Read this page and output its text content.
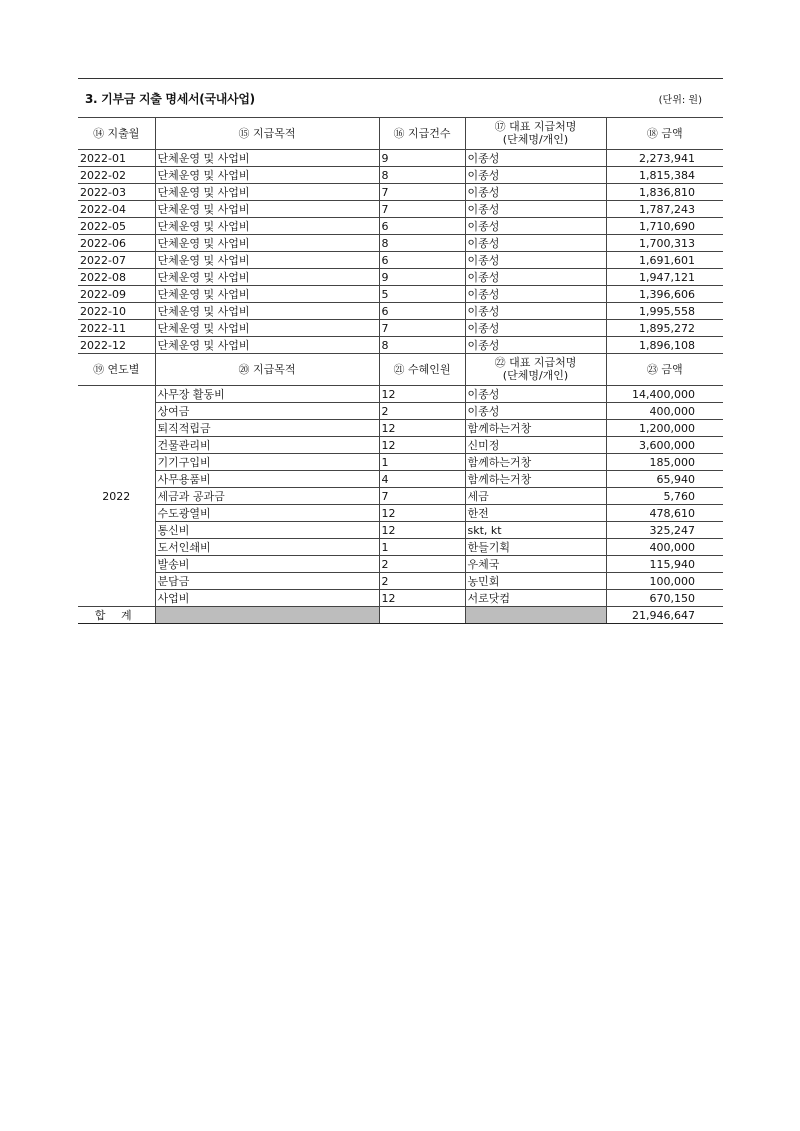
3. 기부금 지출 명세서(국내사업)	(단위: 원)
⑭ 지출월	⑮ 지급목적	⑯ 지급건수	⑰ 대표 지급처명
(단체명/개인)	⑱ 금액
2022-01	단체운영 및 사업비	9	이종성	2,273,941
2022-02	단체운영 및 사업비	8	이종성	1,815,384
2022-03	단체운영 및 사업비	7	이종성	1,836,810
2022-04	단체운영 및 사업비	7	이종성	1,787,243
2022-05	단체운영 및 사업비	6	이종성	1,710,690
2022-06	단체운영 및 사업비	8	이종성	1,700,313
2022-07	단체운영 및 사업비	6	이종성	1,691,601
2022-08	단체운영 및 사업비	9	이종성	1,947,121
2022-09	단체운영 및 사업비	5	이종성	1,396,606
2022-10	단체운영 및 사업비	6	이종성	1,995,558
2022-11	단체운영 및 사업비	7	이종성	1,895,272
2022-12	단체운영 및 사업비	8	이종성	1,896,108
⑲ 연도별	⑳ 지급목적	㉑ 수혜인원	㉒ 대표 지급처명
(단체명/개인)	㉓ 금액
2022	사무장 활동비	12	이종성	14,400,000
	상여금	2	이종성	400,000
	퇴직적립금	12	함께하는거창	1,200,000
	건물관리비	12	신미정	3,600,000
	기기구입비	1	함께하는거창	185,000
	사무용품비	4	함께하는거창	65,940
	세금과 공과금	7	세금	5,760
	수도광열비	12	한전	478,610
	통신비	12	skt, kt	325,247
	도서인쇄비	1	한들기획	400,000
	발송비	2	우체국	115,940
	분담금	2	농민회	100,000
	사업비	12	서로닷컴	670,150
합 계				21,946,647
